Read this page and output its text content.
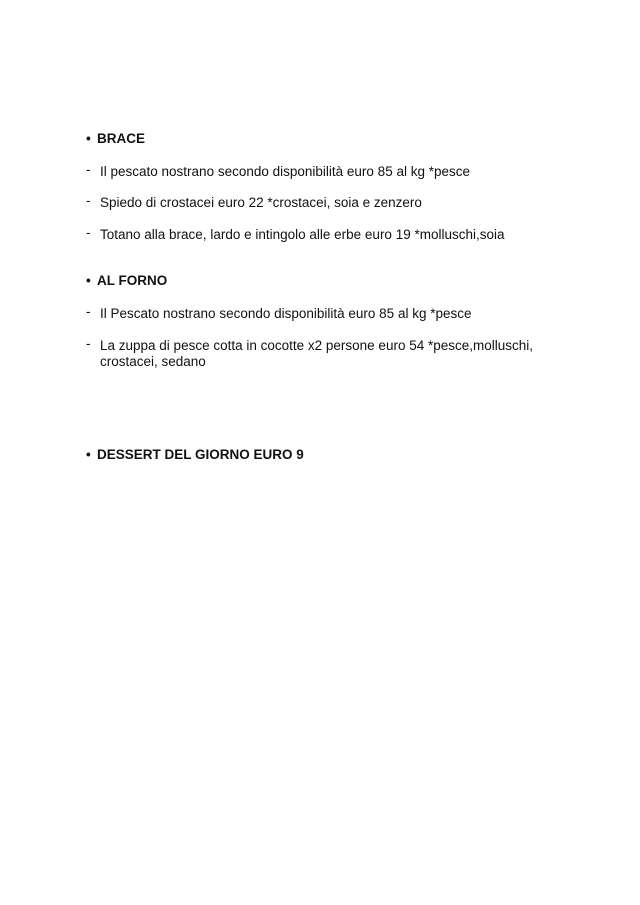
• BRACE
- Il pescato nostrano secondo disponibilità euro 85 al kg *pesce
- Spiedo di crostacei euro 22 *crostacei, soia e zenzero
- Totano alla brace, lardo e intingolo alle erbe euro 19 *molluschi,soia
• AL FORNO
- Il Pescato nostrano secondo disponibilità euro 85 al kg *pesce
- La zuppa di pesce cotta in cocotte x2 persone euro 54 *pesce,molluschi, crostacei, sedano
• DESSERT DEL GIORNO EURO 9
